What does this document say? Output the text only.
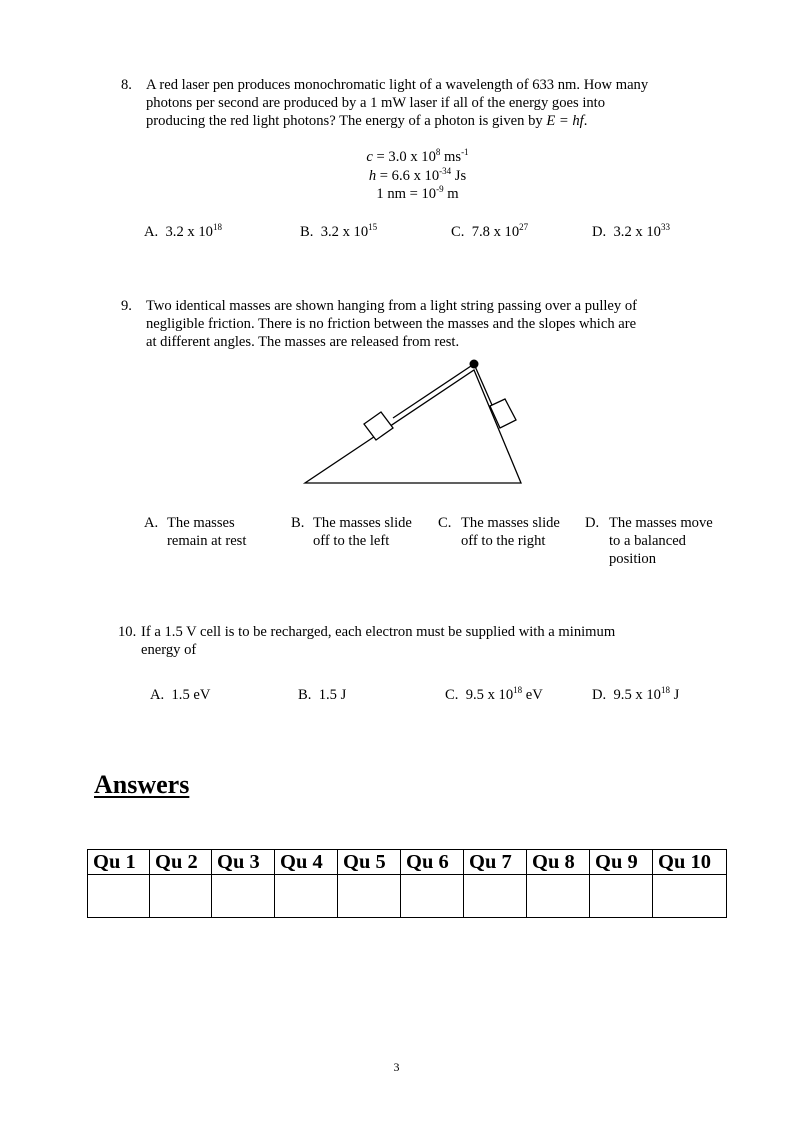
8. A red laser pen produces monochromatic light of a wavelength of 633 nm. How many
photons per second are produced by a 1 mW laser if all of the energy goes into
producing the red light photons? The energy of a photon is given by E = hf.
c = 3.0 x $10^8$ $ms^{-1}$
h = 6.6 x $10^{-34}$ Js
1 nm = $10^{-9}$ m
A. 3.2 x $10^{18}$	B. 3.2 x $10^{15}$	C. 7.8 x $10^{27}$	D. 3.2 x $10^{33}$
9. Two identical masses are shown hanging from a light string passing over a pulley of
negligible friction. There is no friction between the masses and the slopes which are
at different angles. The masses are released from rest.
A. The masses
remain at rest
B. The masses slide
off to the left
C. The masses slide
off to the right
D. The masses move
to a balanced
position
10. If a 1.5 V cell is to be recharged, each electron must be supplied with a minimum
energy of
A. 1.5 eV	B. 1.5 J	C. 9.5 x $10^{18}$ eV	D. 9.5 x $10^{18}$ J
Answers
Qu 1	Qu 2	Qu 3	Qu 4	Qu 5	Qu 6	Qu 7	Qu 8	Qu 9	Qu 10

3
